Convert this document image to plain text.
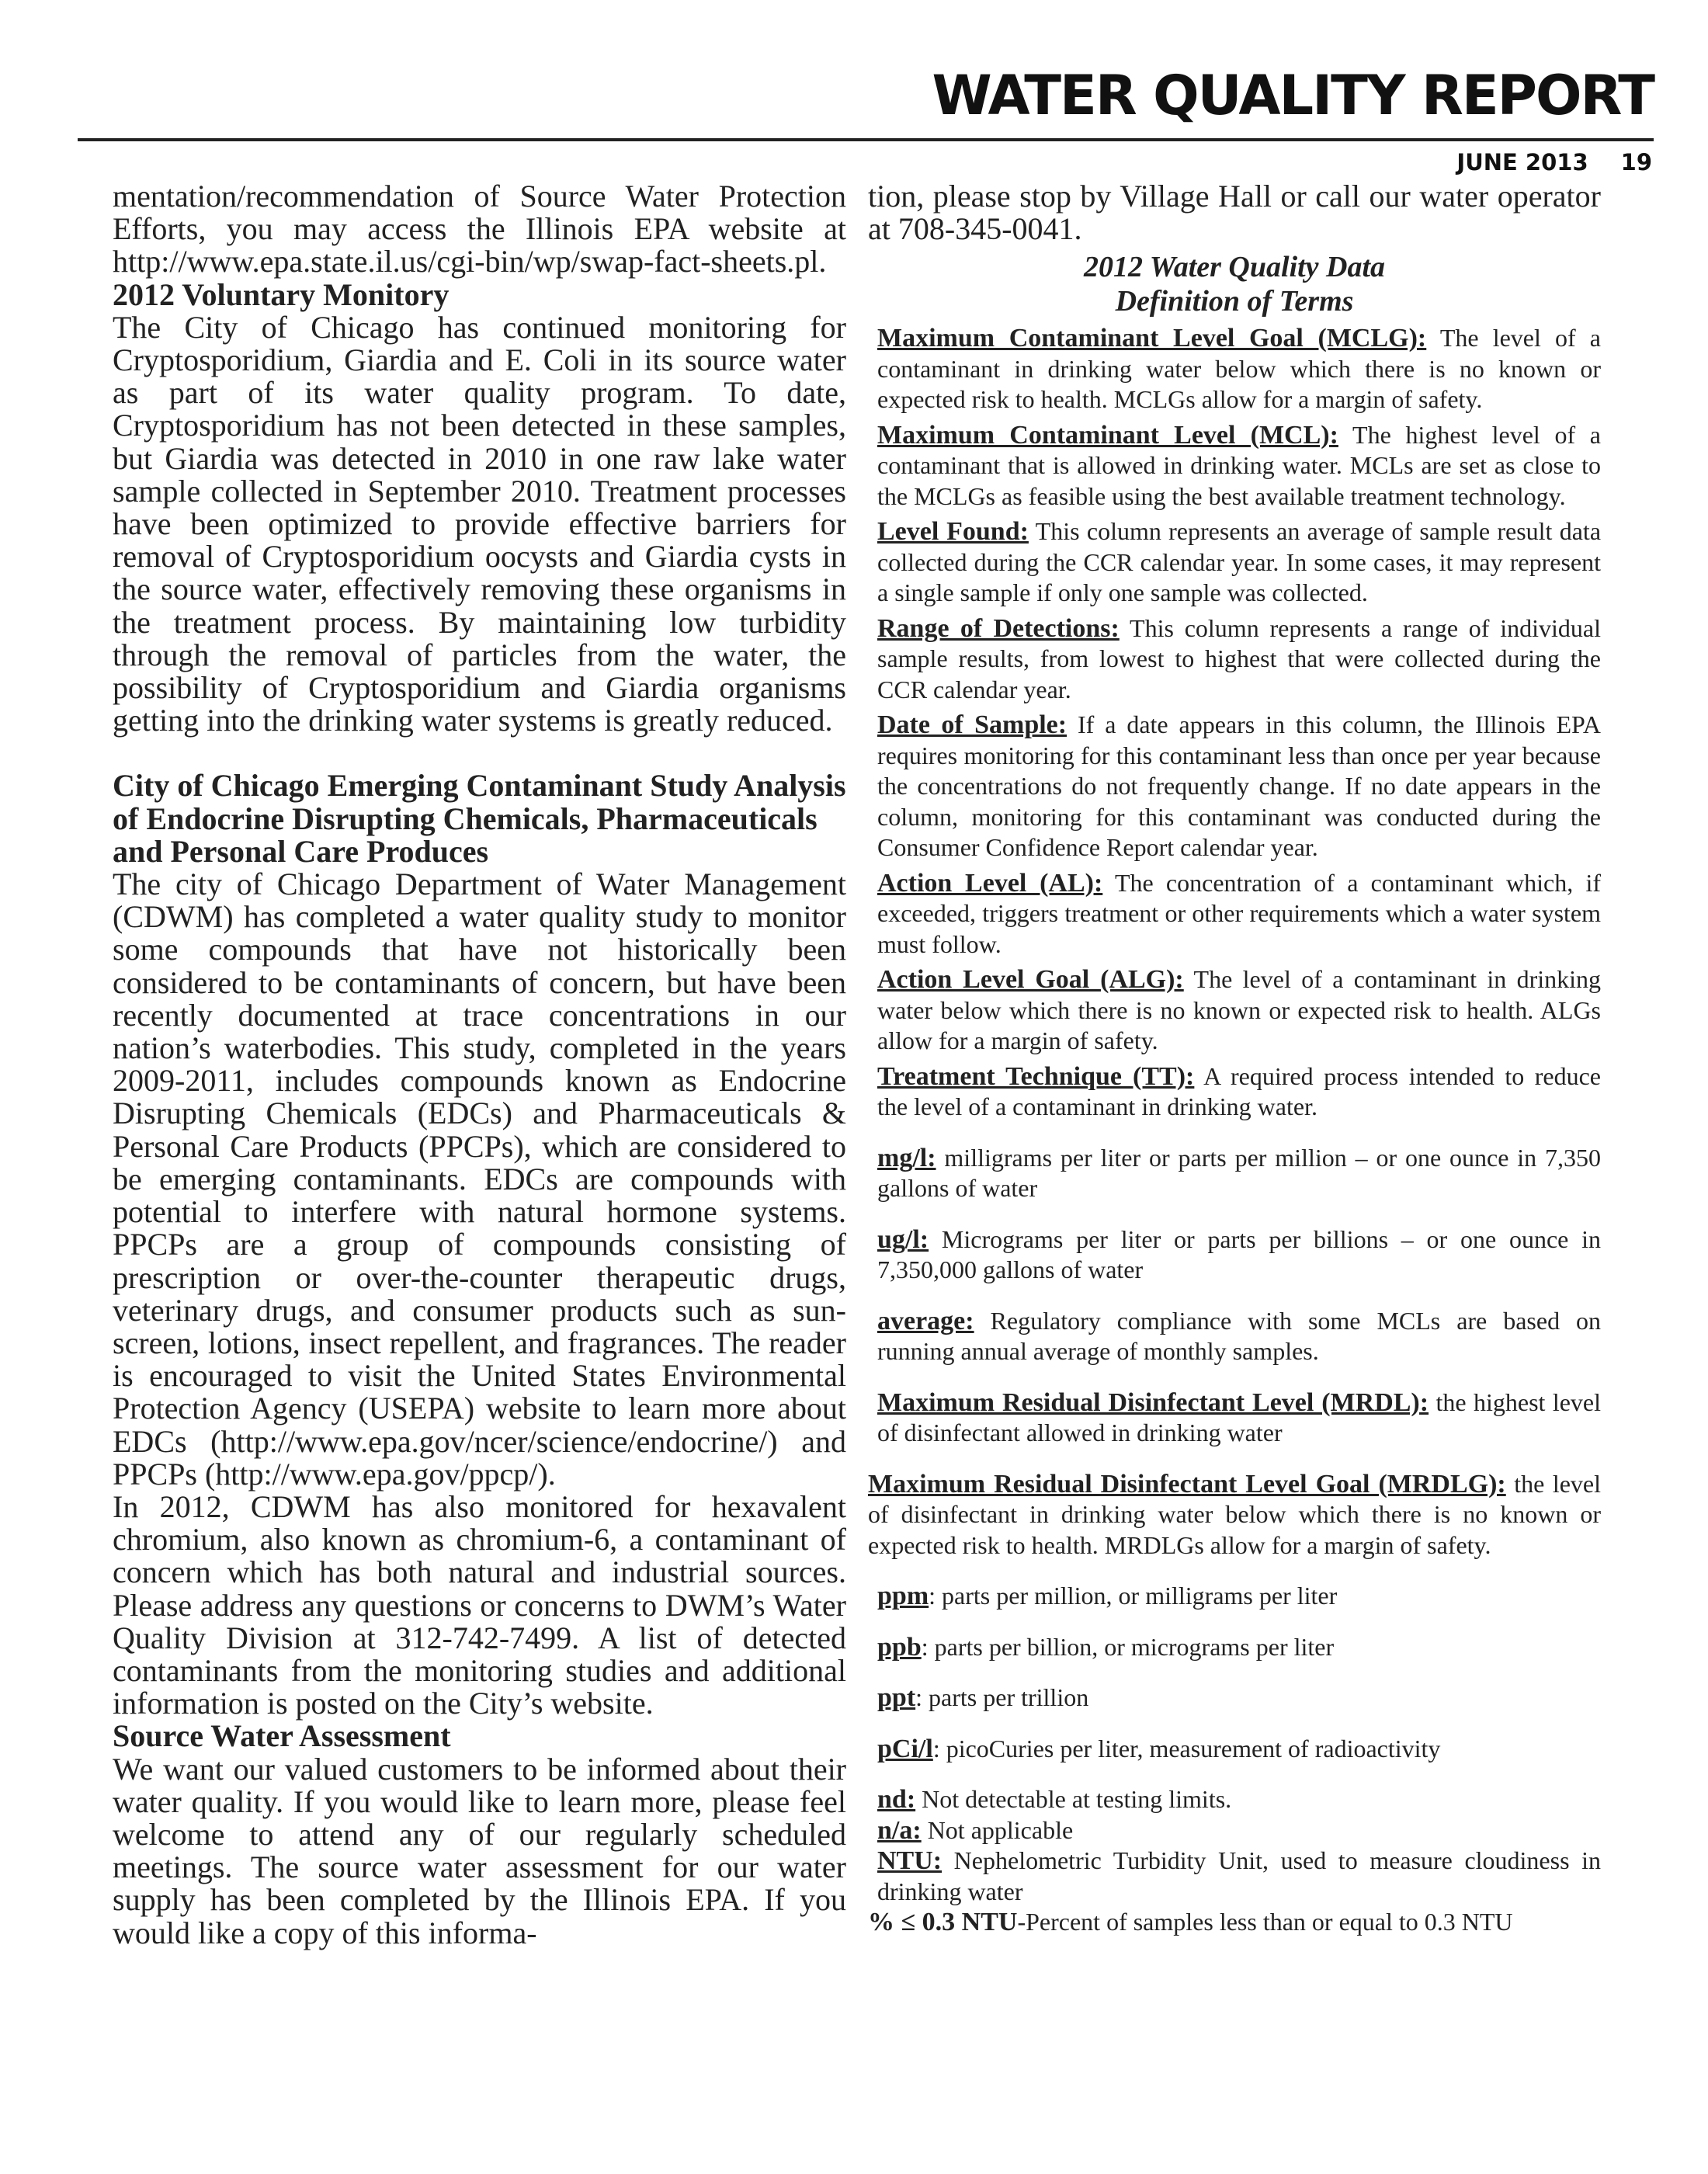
WATER QUALITY REPORT
JUNE 2013 19

mentation/recommendation of Source Water Protection Efforts, you may access the Illinois EPA website at http://www.epa.state.il.us/cgi-bin/wp/swap-fact-sheets.pl.

2012 Voluntary Monitory

The City of Chicago has continued monitoring for Cryptosporidium, Giardia and E. Coli in its source water as part of its water quality program. To date, Cryptosporidium has not been detected in these samples, but Giardia was detected in 2010 in one raw lake water sample collected in September 2010. Treatment processes have been optimized to provide effective barriers for removal of Cryptosporidium oocysts and Giardia cysts in the source water, effectively removing these organisms in the treatment process. By maintaining low turbidity through the removal of particles from the water, the possibility of Cryptosporidium and Giardia organisms getting into the drinking water systems is greatly reduced.

City of Chicago Emerging Contaminant Study Analysis of Endocrine Disrupting Chemicals, Pharmaceuticals and Personal Care Produces

The city of Chicago Department of Water Management (CDWM) has completed a water quality study to monitor some compounds that have not historically been considered to be contaminants of concern, but have been recently documented at trace concentrations in our nation’s waterbodies. This study, completed in the years 2009-2011, includes compounds known as Endocrine Disrupting Chemicals (EDCs) and Pharmaceuticals & Personal Care Products (PPCPs), which are considered to be emerging contaminants. EDCs are compounds with potential to interfere with natural hormone systems. PPCPs are a group of compounds consisting of prescription or over-the-counter therapeutic drugs, veterinary drugs, and consumer products such as sun-screen, lotions, insect repellent, and fragrances. The reader is encouraged to visit the United States Environmental Protection Agency (USEPA) website to learn more about EDCs (http://www.epa.gov/ncer/science/endocrine/) and PPCPs (http://www.epa.gov/ppcp/).

In 2012, CDWM has also monitored for hexavalent chromium, also known as chromium-6, a contaminant of concern which has both natural and industrial sources. Please address any questions or concerns to DWM’s Water Quality Division at 312-742-7499. A list of detected contaminants from the monitoring studies and additional information is posted on the City’s website.

Source Water Assessment

We want our valued customers to be informed about their water quality. If you would like to learn more, please feel welcome to attend any of our regularly scheduled meetings. The source water assessment for our water supply has been completed by the Illinois EPA. If you would like a copy of this informa-

tion, please stop by Village Hall or call our water operator at 708-345-0041.

2012 Water Quality Data

Definition of Terms

Maximum Contaminant Level Goal (MCLG): The level of a contaminant in drinking water below which there is no known or expected risk to health. MCLGs allow for a margin of safety.

Maximum Contaminant Level (MCL): The highest level of a contaminant that is allowed in drinking water. MCLs are set as close to the MCLGs as feasible using the best available treatment technology.

Level Found: This column represents an average of sample result data collected during the CCR calendar year. In some cases, it may represent a single sample if only one sample was collected.

Range of Detections: This column represents a range of individual sample results, from lowest to highest that were collected during the CCR calendar year.

Date of Sample: If a date appears in this column, the Illinois EPA requires monitoring for this contaminant less than once per year because the concentrations do not frequently change. If no date appears in the column, monitoring for this contaminant was conducted during the Consumer Confidence Report calendar year.

Action Level (AL): The concentration of a contaminant which, if exceeded, triggers treatment or other requirements which a water system must follow.

Action Level Goal (ALG): The level of a contaminant in drinking water below which there is no known or expected risk to health. ALGs allow for a margin of safety.

Treatment Technique (TT): A required process intended to reduce the level of a contaminant in drinking water.

mg/l: milligrams per liter or parts per million – or one ounce in 7,350 gallons of water

ug/l: Micrograms per liter or parts per billions – or one ounce in 7,350,000 gallons of water

average: Regulatory compliance with some MCLs are based on running annual average of monthly samples.

Maximum Residual Disinfectant Level (MRDL): the highest level of disinfectant allowed in drinking water

Maximum Residual Disinfectant Level Goal (MRDLG): the level of disinfectant in drinking water below which there is no known or expected risk to health. MRDLGs allow for a margin of safety.

ppm: parts per million, or milligrams per liter

ppb: parts per billion, or micrograms per liter

ppt: parts per trillion

pCi/l: picoCuries per liter, measurement of radioactivity

nd: Not detectable at testing limits.

n/a: Not applicable

NTU: Nephelometric Turbidity Unit, used to measure cloudiness in drinking water

% ≤ 0.3 NTU-Percent of samples less than or equal to 0.3 NTU
